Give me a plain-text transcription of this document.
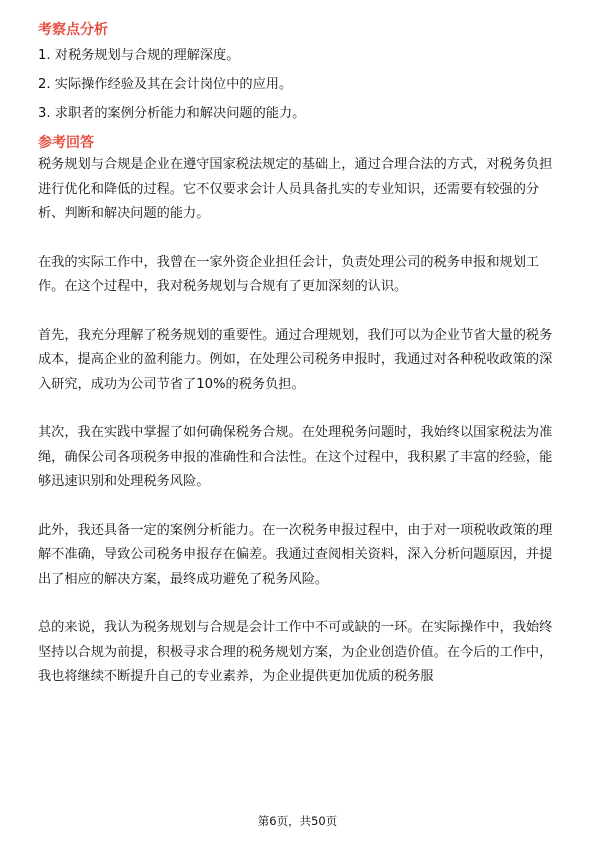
考察点分析
1. 对税务规划与合规的理解深度。
2. 实际操作经验及其在会计岗位中的应用。
3. 求职者的案例分析能力和解决问题的能力。
参考回答

税务规划与合规是企业在遵守国家税法规定的基础上，通过合理合法的方式，对税务负担进行优化和降低的过程。它不仅要求会计人员具备扎实的专业知识，还需要有较强的分析、判断和解决问题的能力。

在我的实际工作中，我曾在一家外资企业担任会计，负责处理公司的税务申报和规划工作。在这个过程中，我对税务规划与合规有了更加深刻的认识。

首先，我充分理解了税务规划的重要性。通过合理规划，我们可以为企业节省大量的税务成本，提高企业的盈利能力。例如，在处理公司税务申报时，我通过对各种税收政策的深入研究，成功为公司节省了10%的税务负担。

其次，我在实践中掌握了如何确保税务合规。在处理税务问题时，我始终以国家税法为准绳，确保公司各项税务申报的准确性和合法性。在这个过程中，我积累了丰富的经验，能够迅速识别和处理税务风险。

此外，我还具备一定的案例分析能力。在一次税务申报过程中，由于对一项税收政策的理解不准确，导致公司税务申报存在偏差。我通过查阅相关资料，深入分析问题原因，并提出了相应的解决方案，最终成功避免了税务风险。

总的来说，我认为税务规划与合规是会计工作中不可或缺的一环。在实际操作中，我始终坚持以合规为前提，积极寻求合理的税务规划方案，为企业创造价值。在今后的工作中，我也将继续不断提升自己的专业素养，为企业提供更加优质的税务服

第6页，共50页
